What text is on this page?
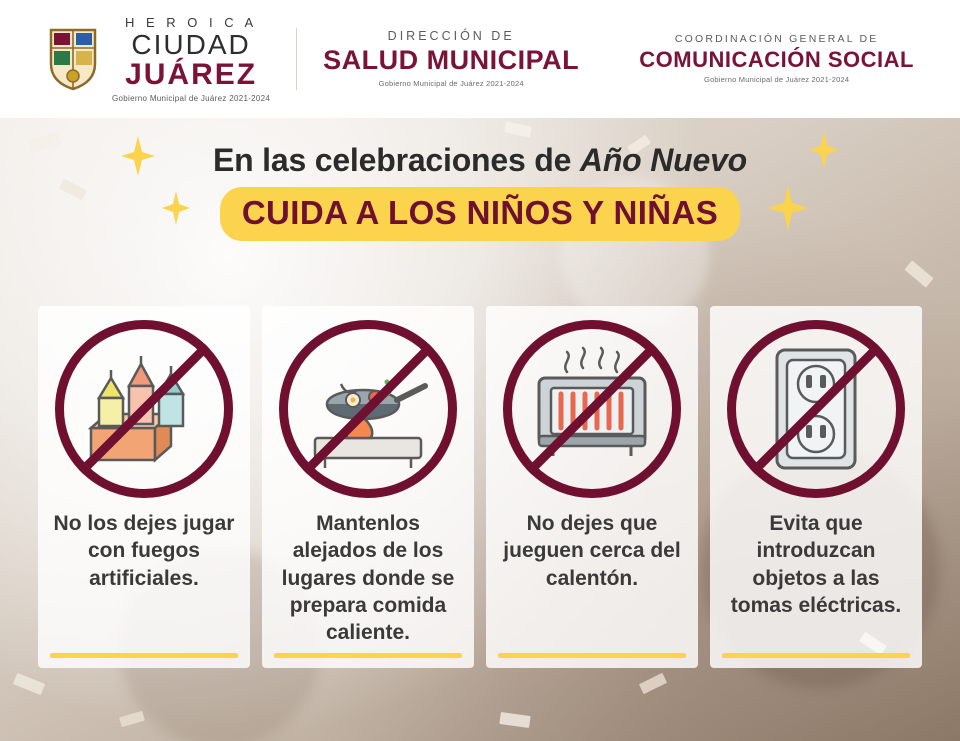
H E R O I C A
CIUDAD
JUÁREZ
Gobierno Municipal de Juárez 2021-2024
DIRECCIÓN DE
SALUD MUNICIPAL
Gobierno Municipal de Juárez 2021-2024
COORDINACIÓN GENERAL DE
COMUNICACIÓN SOCIAL
Gobierno Municipal de Juárez 2021-2024
En las celebraciones de Año Nuevo

CUIDA A LOS NIÑOS Y NIÑAS
No los dejes jugar con fuegos artificiales.
Mantenlos alejados de los lugares donde se prepara comida caliente.
No dejes que jueguen cerca del calentón.
Evita que introduzcan objetos a las tomas eléctricas.
